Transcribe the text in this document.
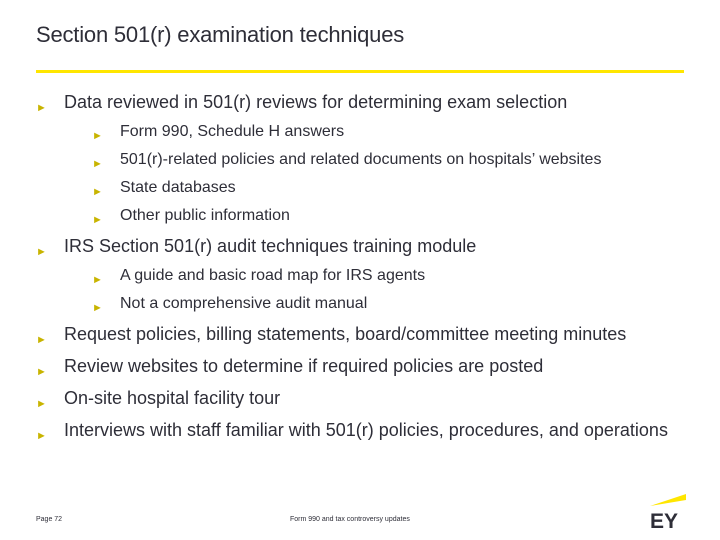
Section 501(r) examination techniques
► Data reviewed in 501(r) reviews for determining exam selection
► Form 990, Schedule H answers
► 501(r)-related policies and related documents on hospitals’ websites
► State databases
► Other public information
► IRS Section 501(r) audit techniques training module
► A guide and basic road map for IRS agents
► Not a comprehensive audit manual
► Request policies, billing statements, board/committee meeting minutes
► Review websites to determine if required policies are posted
► On-site hospital facility tour
► Interviews with staff familiar with 501(r) policies, procedures, and operations
Page 72	Form 990 and tax controversy updates	EY
